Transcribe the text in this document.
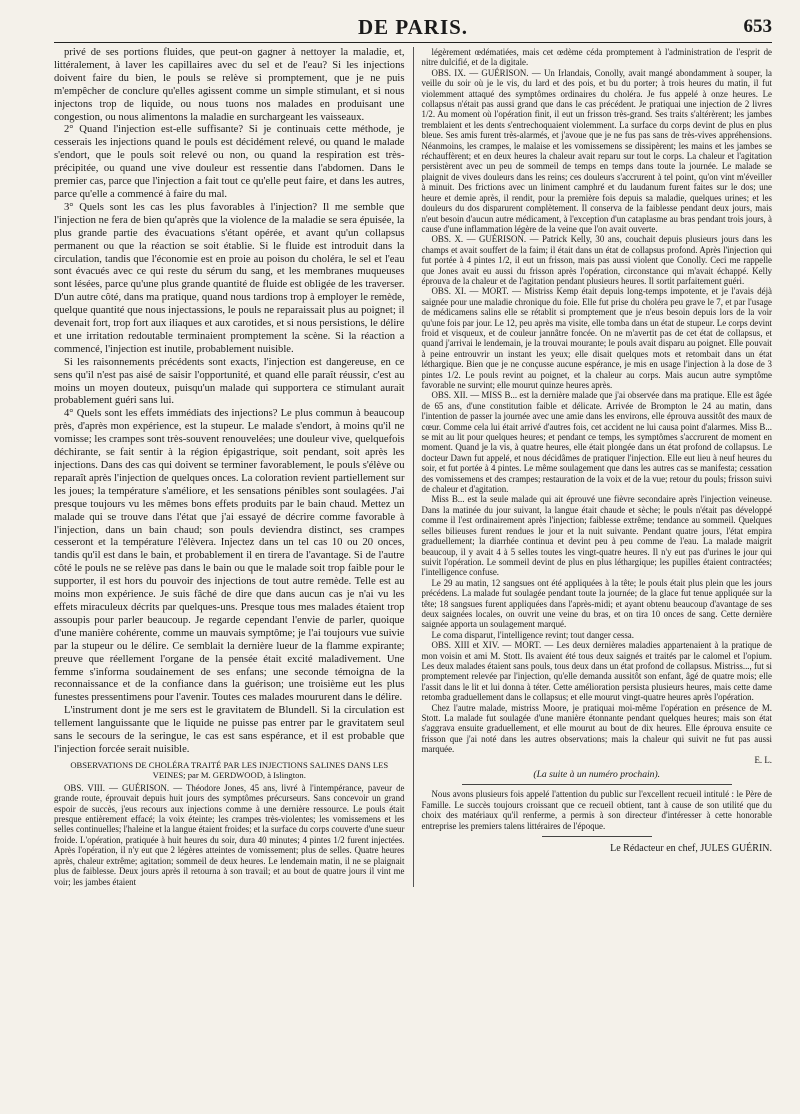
DE PARIS.	653

privé de ses portions fluides, que peut-on gagner à nettoyer la maladie, et, littéralement, à laver les capillaires avec du sel et de l'eau? Si les injections doivent faire du bien, le pouls se relève si promptement, que je ne puis m'empêcher de conclure qu'elles agissent comme un simple stimulant, et si nous injectons trop de liquide, ou nous tuons nos malades en produisant une congestion, ou nous alimentons la maladie en surchargeant les vaisseaux.

2° Quand l'injection est-elle suffisante? Si je continuais cette méthode, je cesserais les injections quand le pouls est décidément relevé, ou quand le malade s'endort, que le pouls soit relevé ou non, ou quand la respiration est très-précipitée, ou quand une vive douleur est ressentie dans l'abdomen. Dans le premier cas, parce que l'injection a fait tout ce qu'elle peut faire, et dans les autres, parce qu'elle a commencé à faire du mal.

3° Quels sont les cas les plus favorables à l'injection? Il me semble que l'injection ne fera de bien qu'après que la violence de la maladie se sera épuisée, la plus grande partie des évacuations s'étant opérée, et avant qu'un collapsus permanent ou que la réaction se soit établie. Si le fluide est introduit dans la circulation, tandis que l'économie est en proie au poison du choléra, le sel et l'eau sont évacués avec ce qui reste du sérum du sang, et les membranes muqueuses sont lésées, parce qu'une plus grande quantité de fluide est obligée de les traverser. D'un autre côté, dans ma pratique, quand nous tardions trop à employer le remède, quelque quantité que nous injectassions, le pouls ne reparaissait plus au poignet; il devenait fort, trop fort aux iliaques et aux carotides, et si nous persistions, le délire et une irritation redoutable terminaient promptement la scène. Si la réaction a commencé, l'injection est inutile, probablement nuisible.

Si les raisonnements précédents sont exacts, l'injection est dangereuse, en ce sens qu'il n'est pas aisé de saisir l'opportunité, et quand elle paraît réussir, c'est au moins un moyen douteux, puisqu'un malade qui supportera ce stimulant aurait probablement guéri sans lui.

4° Quels sont les effets immédiats des injections? Le plus commun à beaucoup près, d'après mon expérience, est la stupeur. Le malade s'endort, à moins qu'il ne vomisse; les crampes sont très-souvent renouvelées; une douleur vive, quelquefois déchirante, se fait sentir à la région épigastrique, soit pendant, soit après les injections. Dans des cas qui doivent se terminer favorablement, le pouls s'élève ou reparaît après l'injection de quelques onces. La coloration revient partiellement sur les joues; la température s'améliore, et les sensations pénibles sont soulagées. J'ai presque toujours vu les mêmes bons effets produits par le bain chaud. Mettez un malade qui se trouve dans l'état que j'ai essayé de décrire comme favorable à l'injection, dans un bain chaud; son pouls deviendra distinct, ses crampes cesseront et la température l'élèvera. Injectez dans un tel cas 10 ou 20 onces, tandis qu'il est dans le bain, et probablement il en tirera de l'avantage. Si de l'autre côté le pouls ne se relève pas dans le bain ou que le malade soit trop faible pour le supporter, il est hors du pouvoir des injections de tout autre remède. Telle est au moins mon expérience. Je suis fâché de dire que dans aucun cas je n'ai vu les effets miraculeux décrits par quelques-uns. Presque tous mes malades étaient trop assoupis pour parler beaucoup. Je regarde cependant l'envie de parler, quoique d'une manière cohérente, comme un mauvais symptôme; je l'ai toujours vue suivie par la stupeur ou le délire. Ce semblait la dernière lueur de la flamme expirante; preuve que réellement l'organe de la pensée était excité maladivement. Une femme s'informa soudainement de ses enfans; une seconde témoigna de la reconnaissance et de la confiance dans la guérison; une troisième eut les plus funestes pressentimens pour l'avenir. Toutes ces malades moururent dans le délire.

L'instrument dont je me sers est le gravitatem de Blundell. Si la circulation est tellement languissante que le liquide ne puisse pas entrer par le gravitatem seul sans le secours de la seringue, le cas est sans espérance, et il est probable que l'injection forcée serait nuisible.

OBSERVATIONS DE CHOLÉRA TRAITÉ PAR LES INJECTIONS SALINES DANS LES VEINES; par M. GERDWOOD, à Islington.

OBS. VIII. — GUÉRISON. — Théodore Jones, 45 ans, livré à l'intempérance, paveur de grande route, éprouvait depuis huit jours des symptômes précurseurs. Sans concevoir un grand espoir de succès, j'eus recours aux injections comme à une dernière ressource. Le pouls était presque entièrement effacé; la voix éteinte; les crampes très-violentes; les vomissemens et les selles continuelles; l'haleine et la langue étaient froides; et la surface du corps couverte d'une sueur froide. L'opération, pratiquée à huit heures du soir, dura 40 minutes; 4 pintes 1/2 furent injectées. Après l'opération, il n'y eut que 2 légères atteintes de vomissement; plus de selles. Quatre heures après, chaleur extrême; agitation; sommeil de deux heures. Le lendemain matin, il ne se plaignait plus de faiblesse. Deux jours après il retourna à son travail; et au bout de quatre jours il vint me voir; les jambes étaient

légèrement œdématiées, mais cet œdème céda promptement à l'administration de l'esprit de nitre dulcifié, et de la digitale.

OBS. IX. — GUÉRISON. — Un Irlandais, Conolly, avait mangé abondamment à souper, la veille du soir où je le vis, du lard et des pois, et bu du porter; à trois heures du matin, il fut violemment attaqué des symptômes ordinaires du choléra. Je fus appelé à onze heures. Le collapsus n'était pas aussi grand que dans le cas précédent. Je pratiquai une injection de 2 livres 1/2. Au moment où l'opération finit, il eut un frisson très-grand. Ses traits s'altérèrent; les jambes tremblaient et les dents s'entrechoquaient violemment. La surface du corps devint de plus en plus bleue. Ses amis furent très-alarmés, et j'avoue que je ne fus pas sans de très-vives appréhensions. Néanmoins, les crampes, le malaise et les vomissemens se dissipèrent; les mains et les jambes se réchauffèrent; et en deux heures la chaleur avait reparu sur tout le corps. La chaleur et l'agitation persistèrent avec un peu de sommeil de temps en temps dans toute la journée. Le malade se plaignit de vives douleurs dans les reins; ces douleurs s'accrurent à tel point, qu'on vint m'éveiller à minuit. Des frictions avec un liniment camphré et du laudanum furent faites sur le dos; une heure et demie après, il rendit, pour la première fois depuis sa maladie, quelques urines; et les douleurs du dos disparurent complètement. Il conserva de la faiblesse pendant deux jours, mais n'eut besoin d'aucun autre médicament, à l'exception d'un cataplasme au bras pendant trois jours, à cause d'une inflammation légère de la veine que l'on avait ouverte.

OBS. X. — GUÉRISON. — Patrick Kelly, 30 ans, couchait depuis plusieurs jours dans les champs et avait souffert de la faim; il était dans un état de collapsus profond. Après l'injection qui fut portée à 4 pintes 1/2, il eut un frisson, mais pas aussi violent que Conolly. Ceci me rappelle que Jones avait eu aussi du frisson après l'opération, circonstance qui m'avait échappé. Kelly éprouva de la chaleur et de l'agitation pendant plusieurs heures. Il sortit parfaitement guéri.

OBS. XI. — MORT. — Mistriss Kemp était depuis long-temps impotente, et je l'avais déjà saignée pour une maladie chronique du foie. Elle fut prise du choléra peu grave le 7, et par l'usage de médicamens salins elle se rétablit si promptement que je n'eus besoin depuis lors de la voir qu'une fois par jour. Le 12, peu après ma visite, elle tomba dans un état de stupeur. Le corps devint froid et visqueux, et de couleur jannâtre foncée. On ne m'avertit pas de cet état de collapsus, et quand j'arrivai le lendemain, je la trouvai mourante; le pouls avait disparu au poignet. Elle pouvait à peine entrouvrir un instant les yeux; elle disait quelques mots et retombait dans un état léthargique. Bien que je ne conçusse aucune espérance, je mis en usage l'injection à la dose de 3 pintes 1/2. Le pouls revint au poignet, et la chaleur au corps. Mais aucun autre symptôme favorable ne survint; elle mourut quinze heures après.

OBS. XII. — MISS B... est la dernière malade que j'ai observée dans ma pratique. Elle est âgée de 65 ans, d'une constitution faible et délicate. Arrivée de Brompton le 24 au matin, dans l'intention de passer la journée avec une amie dans les environs, elle éprouva aussitôt des maux de cœur. Comme cela lui était arrivé d'autres fois, cet accident ne lui causa point d'alarmes. Miss B... se mit au lit pour quelques heures; et pendant ce temps, les symptômes s'accrurent de moment en moment. Quand je la vis, à quatre heures, elle était plongée dans un état profond de collapsus. Le docteur Dawn fut appelé, et nous décidâmes de pratiquer l'injection. Elle eut lieu à neuf heures du soir, et fut portée à 4 pintes. Le même soulagement que dans les autres cas se manifesta; cessation des vomissemens et des crampes; restauration de la voix et de la vue; retour du pouls; frisson suivi de chaleur et d'agitation.

Miss B... est la seule malade qui ait éprouvé une fièvre secondaire après l'injection veineuse. Dans la matinée du jour suivant, la langue était chaude et sèche; le pouls n'était pas développé comme il l'est ordinairement après l'injection; faiblesse extrême; tendance au sommeil. Quelques selles bilieuses furent rendues le jour et la nuit suivante. Pendant quatre jours, l'état empira graduellement; la diarrhée continua et devint peu à peu comme de l'eau. La malade maigrit beaucoup, il y avait 4 à 5 selles toutes les vingt-quatre heures. Il n'y eut pas d'urines le jour qui suivit l'opération. Le sommeil devint de plus en plus léthargique; les pupilles étaient contractées; l'intelligence confuse.

Le 29 au matin, 12 sangsues ont été appliquées à la tête; le pouls était plus plein que les jours précédens. La malade fut soulagée pendant toute la journée; de la glace fut tenue appliquée sur la tête; 18 sangsues furent appliquées dans l'après-midi; et ayant obtenu beaucoup d'avantage de ses deux saignées locales, on ouvrit une veine du bras, et on tira 10 onces de sang. Cette dernière saignée apporta un soulagement marqué.

Le coma disparut, l'intelligence revint; tout danger cessa.

OBS. XIII et XIV. — MORT. — Les deux dernières maladies appartenaient à la pratique de mon voisin et ami M. Stott. Ils avaient été tous deux saignés et traités par le calomel et l'opium. Les deux malades étaient sans pouls, tous deux dans un état profond de collapsus. Mistriss..., fut si promptement relevée par l'injection, qu'elle demanda aussitôt son enfant, âgé de quatre mois; elle l'assit dans le lit et lui donna à téter. Cette amélioration persista plusieurs heures, mais cette dame retomba graduellement dans le collapsus; et elle mourut vingt-quatre heures après l'opération.

Chez l'autre malade, mistriss Moore, je pratiquai moi-même l'opération en présence de M. Stott. La malade fut soulagée d'une manière étonnante pendant quelques heures; mais son état s'aggrava ensuite graduellement, et elle mourut au bout de dix heures. Elle éprouva ensuite ce frisson que j'ai noté dans les autres observations; mais la chaleur qui suivit ne fut pas aussi marquée.

E. L.

(La suite à un numéro prochain).

Nous avons plusieurs fois appelé l'attention du public sur l'excellent recueil intitulé : le Père de Famille. Le succès toujours croissant que ce recueil obtient, tant à cause de son utilité que du choix des matériaux qu'il renferme, a permis à son directeur d'intéresser à cette honorable entreprise les premiers talens littéraires de l'époque.

Le Rédacteur en chef, JULES GUÉRIN.
